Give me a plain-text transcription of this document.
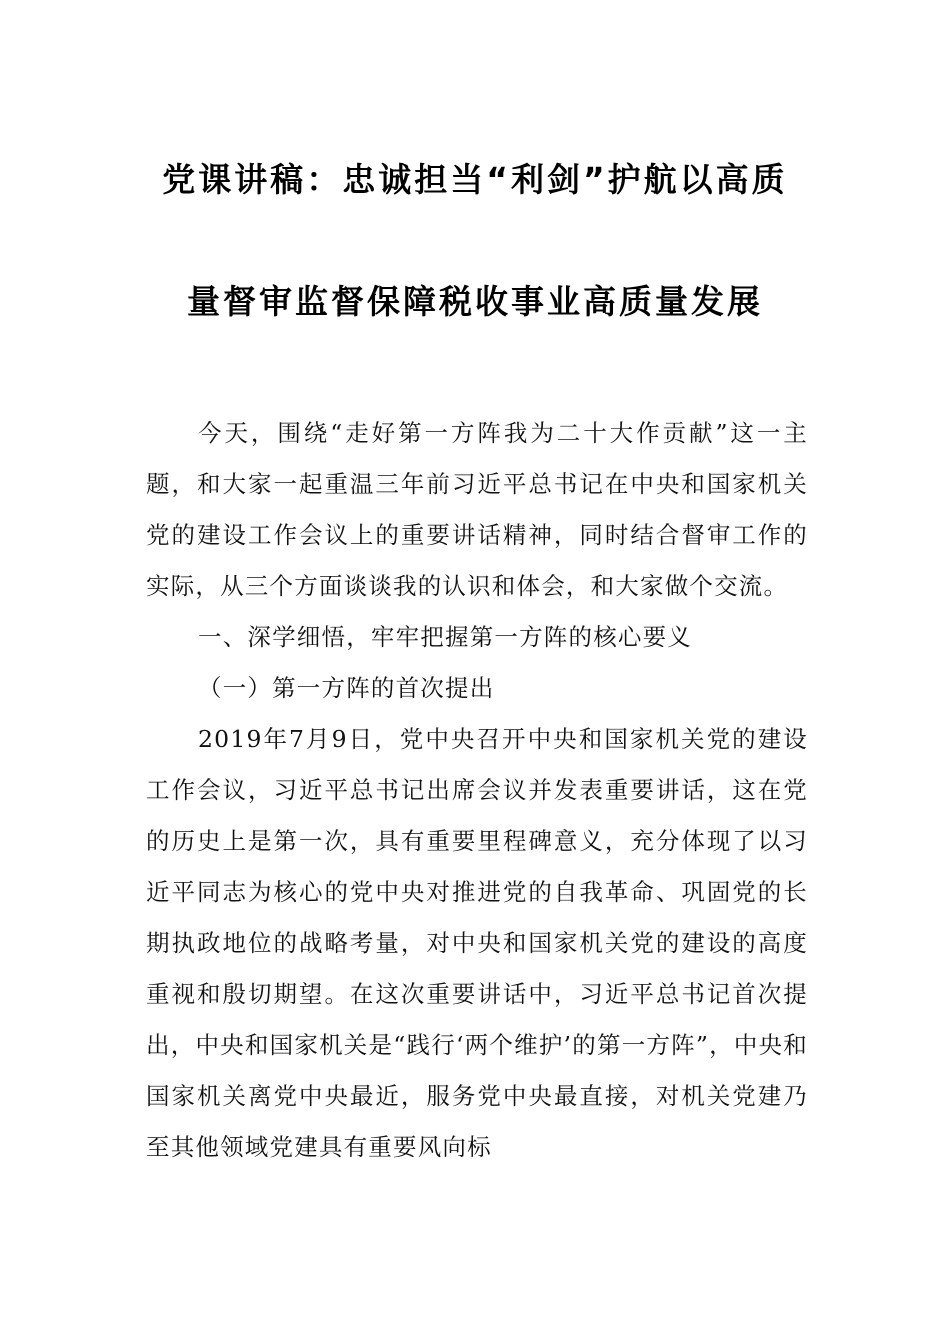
党课讲稿：忠诚担当“利剑”护航以高质
量督审监督保障税收事业高质量发展

今天，围绕“走好第一方阵我为二十大作贡献”这一主题，和大家一起重温三年前习近平总书记在中央和国家机关党的建设工作会议上的重要讲话精神，同时结合督审工作的实际，从三个方面谈谈我的认识和体会，和大家做个交流。

一、深学细悟，牢牢把握第一方阵的核心要义

（一）第一方阵的首次提出

2019年7月9日，党中央召开中央和国家机关党的建设工作会议，习近平总书记出席会议并发表重要讲话，这在党的历史上是第一次，具有重要里程碑意义，充分体现了以习近平同志为核心的党中央对推进党的自我革命、巩固党的长期执政地位的战略考量，对中央和国家机关党的建设的高度重视和殷切期望。在这次重要讲话中，习近平总书记首次提出，中央和国家机关是“践行‘两个维护’的第一方阵”，中央和国家机关离党中央最近，服务党中央最直接，对机关党建乃至其他领域党建具有重要风向标
